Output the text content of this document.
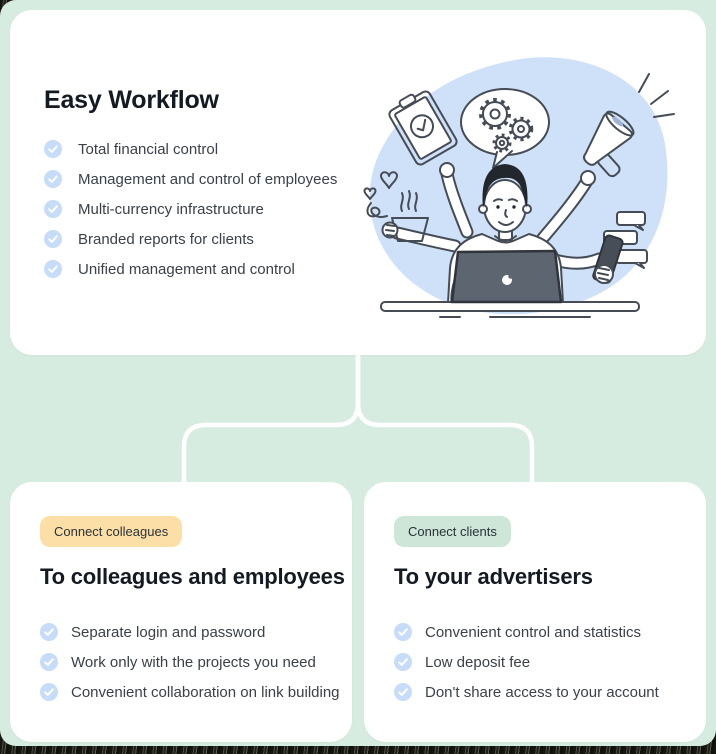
Easy Workflow
Total financial control
Management and control of employees
Multi-currency infrastructure
Branded reports for clients
Unified management and control
Connect colleagues
To colleagues and employees
Separate login and password
Work only with the projects you need
Convenient collaboration on link building
Connect clients
To your advertisers
Convenient control and statistics
Low deposit fee
Don't share access to your account
